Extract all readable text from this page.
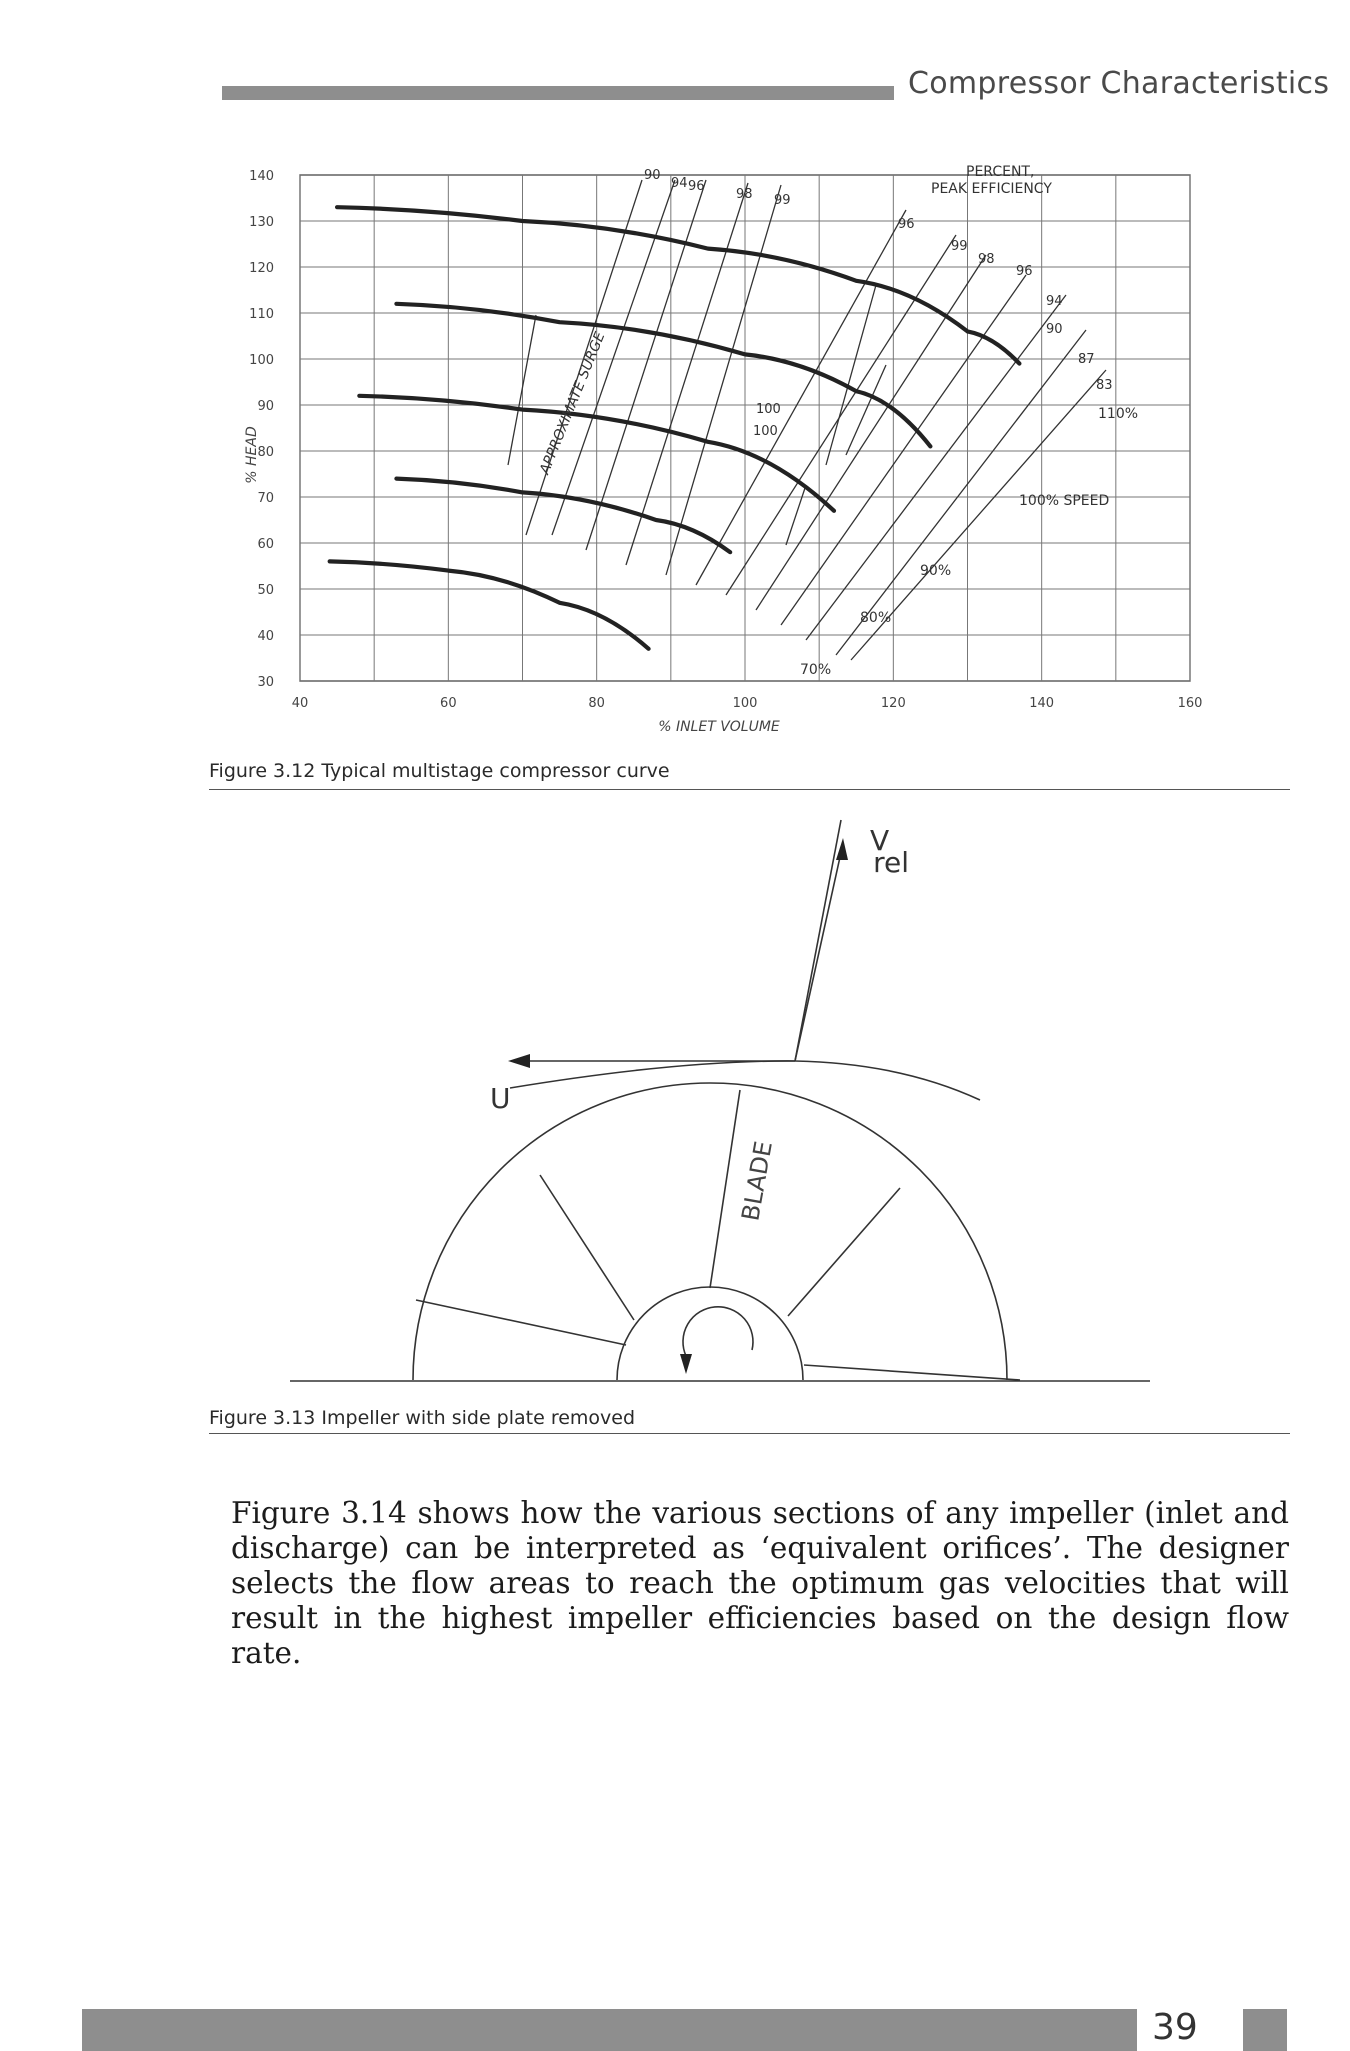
Compressor Characteristics
140
130
120
110
100
90
80
70
60
50
40
30
40	60	80	100	120	140	160
APPROXIMATE SURGE
PERCENT,
PEAK EFFICIENCY
90
94 96
98 99
96
99
98
96
94
90
87
83
100
100
110%
100% SPEED
90%
80%
70%
% HEAD
% INLET VOLUME
Figure 3.12 Typical multistage compressor curve
V rel
U
BLADE
Figure 3.13 Impeller with side plate removed

Figure 3.14 shows how the various sections of any impeller (inlet and discharge) can be interpreted as ‘equivalent orifices’. The designer selects the flow areas to reach the optimum gas velocities that will result in the highest impeller efficiencies based on the design flow rate.

39
